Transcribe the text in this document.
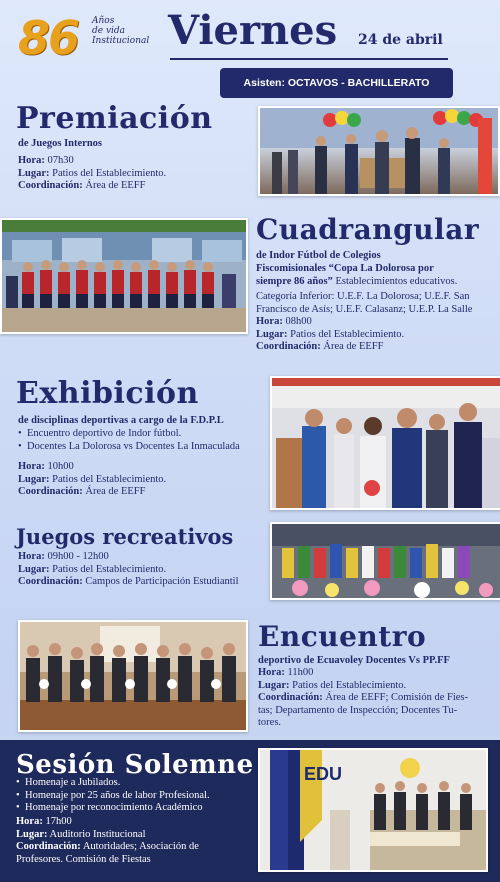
86	Años
de vida
Institucional Viernes 24 de abril
Asisten: OCTAVOS - BACHILLERATO
Premiación
de Juegos Internos
Hora: 07h30
Lugar: Patios del Establecimiento.
Coordinación: Área de EEFF
Cuadrangular
de Indor Fútbol de Colegios
Fiscomisionales “Copa La Dolorosa por
siempre 86 años” Establecimientos educativos.
Categoría Inferior: U.E.F. La Dolorosa; U.E.F. San
Francisco de Asís; U.E.F. Calasanz; U.E.P. La Salle
Hora: 08h00
Lugar: Patios del Establecimiento.
Coordinación: Área de EEFF
Exhibición
de disciplinas deportivas a cargo de la F.D.P.L
• Encuentro deportivo de Indor fútbol.
• Docentes La Dolorosa vs Docentes La Inmaculada
Hora: 10h00
Lugar: Patios del Establecimiento.
Coordinación: Área de EEFF
Juegos recreativos
Hora: 09h00 - 12h00
Lugar: Patios del Establecimiento.
Coordinación: Campos de Participación Estudiantil
Encuentro
deportivo de Ecuavoley Docentes Vs PP.FF
Hora: 11h00
Lugar: Patios del Establecimiento.
Coordinación: Área de EEFF; Comisión de Fies-
tas; Departamento de Inspección; Docentes Tu-
tores.
Sesión Solemne
• Homenaje a Jubilados.
• Homenaje por 25 años de labor Profesional.
• Homenaje por reconocimiento Académico
Hora: 17h00
Lugar: Auditorio Institucional
Coordinación: Autoridades; Asociación de
Profesores. Comisión de Fiestas
EDU
